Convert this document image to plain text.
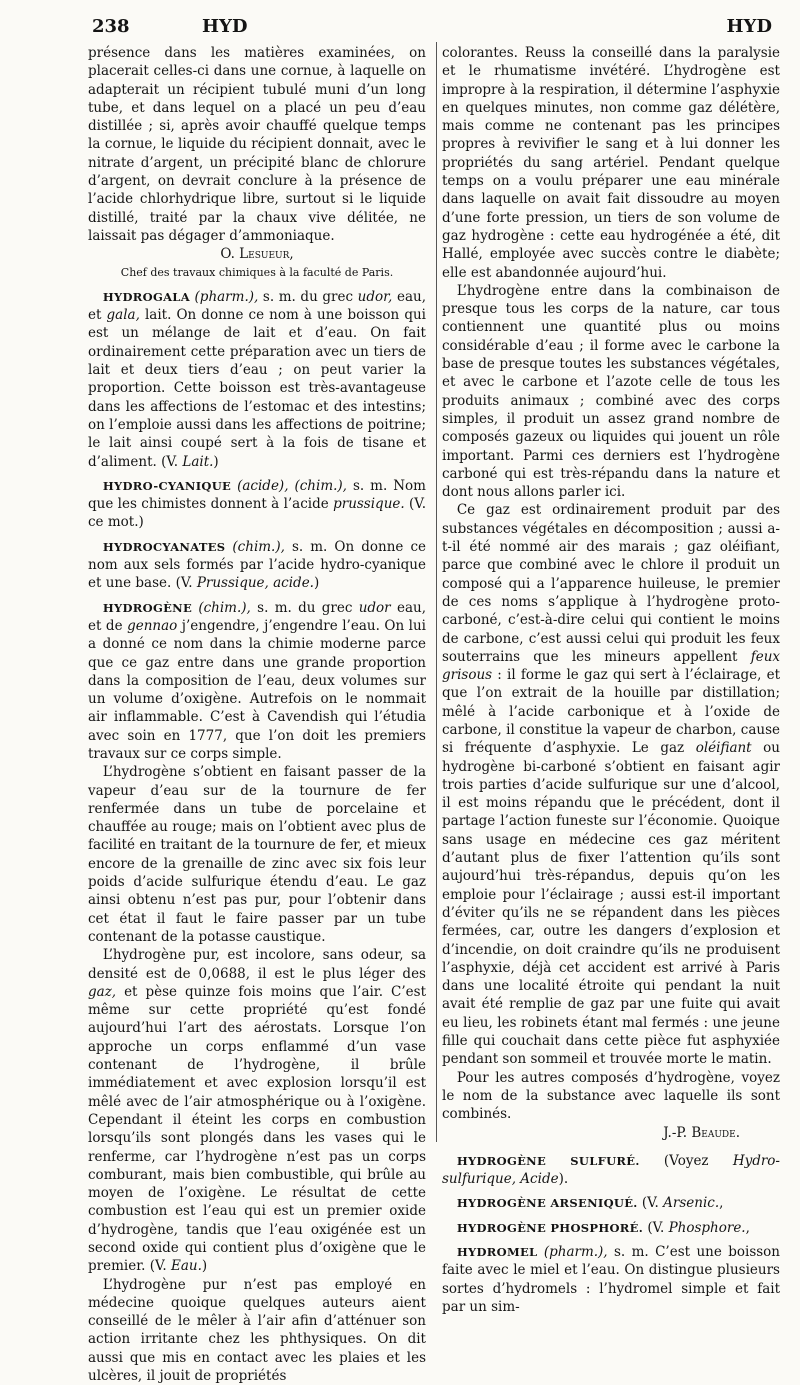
238	HYD	HYD

présence dans les matières examinées, on placerait celles-ci dans une cornue, à laquelle on adapterait un récipient tubulé muni d’un long tube, et dans lequel on a placé un peu d’eau distillée ; si, après avoir chauffé quelque temps la cornue, le liquide du récipient donnait, avec le nitrate d’argent, un précipité blanc de chlorure d’argent, on devrait conclure à la présence de l’acide chlorhydrique libre, surtout si le liquide distillé, traité par la chaux vive délitée, ne laissait pas dégager d’ammoniaque.

O. Lesueur,

Chef des travaux chimiques à la faculté de Paris.

HYDROGALA (pharm.), s. m. du grec udor, eau, et gala, lait. On donne ce nom à une boisson qui est un mélange de lait et d’eau. On fait ordinairement cette préparation avec un tiers de lait et deux tiers d’eau ; on peut varier la proportion. Cette boisson est très-avantageuse dans les affections de l’estomac et des intestins; on l’emploie aussi dans les affections de poitrine; le lait ainsi coupé sert à la fois de tisane et d’aliment. (V. Lait.)

HYDRO-CYANIQUE (acide), (chim.), s. m. Nom que les chimistes donnent à l’acide prussique. (V. ce mot.)

HYDROCYANATES (chim.), s. m. On donne ce nom aux sels formés par l’acide hydro-cyanique et une base. (V. Prussique, acide.)

HYDROGÈNE (chim.), s. m. du grec udor eau, et de gennao j’engendre, j’engendre l’eau. On lui a donné ce nom dans la chimie moderne parce que ce gaz entre dans une grande proportion dans la composition de l’eau, deux volumes sur un volume d’oxigène. Autrefois on le nommait air inflammable. C’est à Cavendish qui l’étudia avec soin en 1777, que l’on doit les premiers travaux sur ce corps simple.

L’hydrogène s’obtient en faisant passer de la vapeur d’eau sur de la tournure de fer renfermée dans un tube de porcelaine et chauffée au rouge; mais on l’obtient avec plus de facilité en traitant de la tournure de fer, et mieux encore de la grenaille de zinc avec six fois leur poids d’acide sulfurique étendu d’eau. Le gaz ainsi obtenu n’est pas pur, pour l’obtenir dans cet état il faut le faire passer par un tube contenant de la potasse caustique.

L’hydrogène pur, est incolore, sans odeur, sa densité est de 0,0688, il est le plus léger des gaz, et pèse quinze fois moins que l’air. C’est même sur cette propriété qu’est fondé aujourd’hui l’art des aérostats. Lorsque l’on approche un corps enflammé d’un vase contenant de l’hydrogène, il brûle immédiatement et avec explosion lorsqu’il est mêlé avec de l’air atmosphérique ou à l’oxigène. Cependant il éteint les corps en combustion lorsqu’ils sont plongés dans les vases qui le renferme, car l’hydrogène n’est pas un corps comburant, mais bien combustible, qui brûle au moyen de l’oxigène. Le résultat de cette combustion est l’eau qui est un premier oxide d’hydrogène, tandis que l’eau oxigénée est un second oxide qui contient plus d’oxigène que le premier. (V. Eau.)

L’hydrogène pur n’est pas employé en médecine quoique quelques auteurs aient conseillé de le mêler à l’air afin d’atténuer son action irritante chez les phthysiques. On dit aussi que mis en contact avec les plaies et les ulcères, il jouit de propriétés

colorantes. Reuss la conseillé dans la paralysie et le rhumatisme invétéré. L’hydrogène est impropre à la respiration, il détermine l’asphyxie en quelques minutes, non comme gaz délétère, mais comme ne contenant pas les principes propres à revivifier le sang et à lui donner les propriétés du sang artériel. Pendant quelque temps on a voulu préparer une eau minérale dans laquelle on avait fait dissoudre au moyen d’une forte pression, un tiers de son volume de gaz hydrogène : cette eau hydrogénée a été, dit Hallé, employée avec succès contre le diabète; elle est abandonnée aujourd’hui.

L’hydrogène entre dans la combinaison de presque tous les corps de la nature, car tous contiennent une quantité plus ou moins considérable d’eau ; il forme avec le carbone la base de presque toutes les substances végétales, et avec le carbone et l’azote celle de tous les produits animaux ; combiné avec des corps simples, il produit un assez grand nombre de composés gazeux ou liquides qui jouent un rôle important. Parmi ces derniers est l’hydrogène carboné qui est très-répandu dans la nature et dont nous allons parler ici.

Ce gaz est ordinairement produit par des substances végétales en décomposition ; aussi a-t-il été nommé air des marais ; gaz oléifiant, parce que combiné avec le chlore il produit un composé qui a l’apparence huileuse, le premier de ces noms s’applique à l’hydrogène proto-carboné, c’est-à-dire celui qui contient le moins de carbone, c’est aussi celui qui produit les feux souterrains que les mineurs appellent feux grisous : il forme le gaz qui sert à l’éclairage, et que l’on extrait de la houille par distillation; mêlé à l’acide carbonique et à l’oxide de carbone, il constitue la vapeur de charbon, cause si fréquente d’asphyxie. Le gaz oléifiant ou hydrogène bi-carboné s’obtient en faisant agir trois parties d’acide sulfurique sur une d’alcool, il est moins répandu que le précédent, dont il partage l’action funeste sur l’économie. Quoique sans usage en médecine ces gaz méritent d’autant plus de fixer l’attention qu’ils sont aujourd’hui très-répandus, depuis qu’on les emploie pour l’éclairage ; aussi est-il important d’éviter qu’ils ne se répandent dans les pièces fermées, car, outre les dangers d’explosion et d’incendie, on doit craindre qu’ils ne produisent l’asphyxie, déjà cet accident est arrivé à Paris dans une localité étroite qui pendant la nuit avait été remplie de gaz par une fuite qui avait eu lieu, les robinets étant mal fermés : une jeune fille qui couchait dans cette pièce fut asphyxiée pendant son sommeil et trouvée morte le matin.

Pour les autres composés d’hydrogène, voyez le nom de la substance avec laquelle ils sont combinés.

J.-P. Beaude.

HYDROGÈNE SULFURÉ. (Voyez Hydro-sulfurique, Acide).

HYDROGÈNE ARSENIQUÉ. (V. Arsenic.,

HYDROGÈNE PHOSPHORÉ. (V. Phosphore.,

HYDROMEL (pharm.), s. m. C’est une boisson faite avec le miel et l’eau. On distingue plusieurs sortes d’hydromels : l’hydromel simple et fait par un sim-
